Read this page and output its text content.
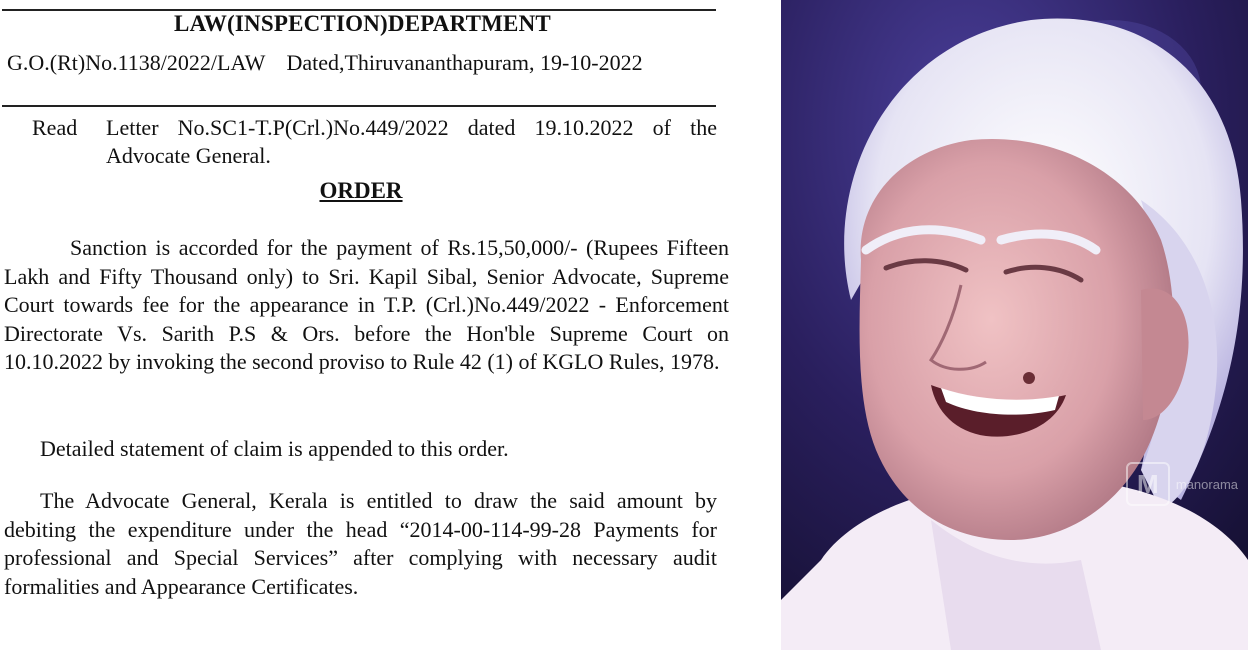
LAW(INSPECTION)DEPARTMENT
G.O.(Rt)No.1138/2022/LAW Dated,Thiruvananthapuram, 19-10-2022
Read Letter No.SC1-T.P(Crl.)No.449/2022 dated 19.10.2022 of the Advocate General.
ORDER
Sanction is accorded for the payment of Rs.15,50,000/- (Rupees Fifteen Lakh and Fifty Thousand only) to Sri. Kapil Sibal, Senior Advocate, Supreme Court towards fee for the appearance in T.P. (Crl.)No.449/2022 - Enforcement Directorate Vs. Sarith P.S & Ors. before the Hon'ble Supreme Court on 10.10.2022 by invoking the second proviso to Rule 42 (1) of KGLO Rules, 1978.
Detailed statement of claim is appended to this order.
The Advocate General, Kerala is entitled to draw the said amount by debiting the expenditure under the head “2014-00-114-99-28 Payments for professional and Special Services” after complying with necessary audit formalities and Appearance Certificates.
M	manorama
